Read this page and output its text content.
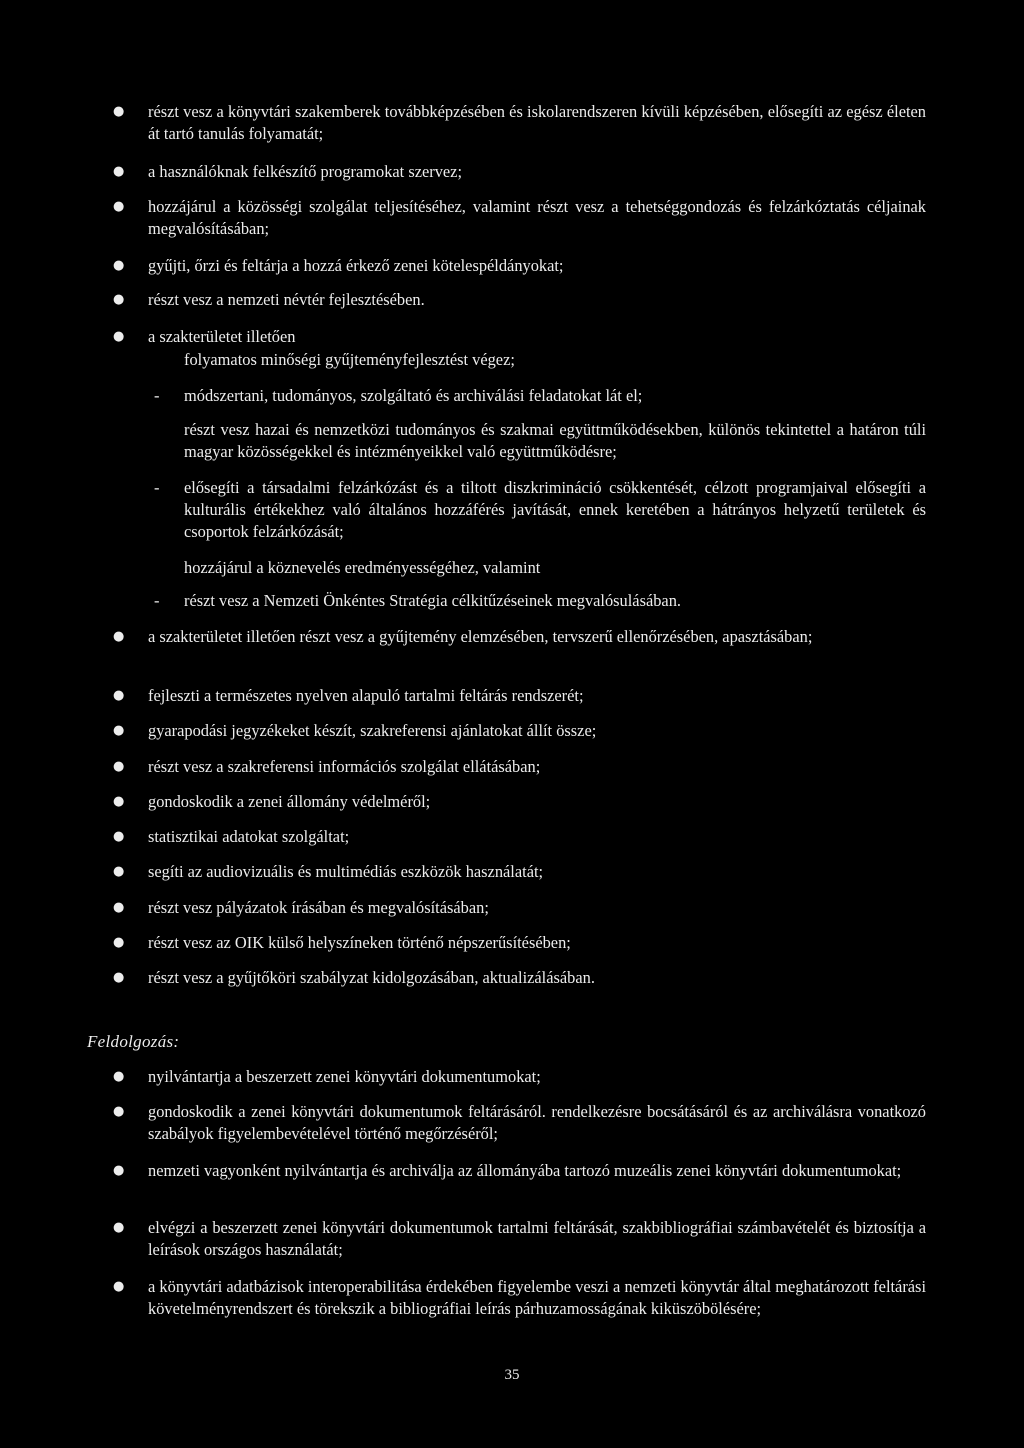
● részt vesz a könyvtári szakemberek továbbképzésében és iskolarendszeren kívüli képzésében, elősegíti az egész életen át tartó tanulás folyamatát;
● a használóknak felkészítő programokat szervez;
● hozzájárul a közösségi szolgálat teljesítéséhez, valamint részt vesz a tehetséggondozás és felzárkóztatás céljainak megvalósításában;
● gyűjti, őrzi és feltárja a hozzá érkező zenei kötelespéldányokat;
● részt vesz a nemzeti névtér fejlesztésében.
● a szakterületet illetően
folyamatos minőségi gyűjteményfejlesztést végez;
- módszertani, tudományos, szolgáltató és archiválási feladatokat lát el;
részt vesz hazai és nemzetközi tudományos és szakmai együttműködésekben, különös tekintettel a határon túli magyar közösségekkel és intézményeikkel való együttműködésre;
- elősegíti a társadalmi felzárkózást és a tiltott diszkrimináció csökkentését, célzott programjaival elősegíti a kulturális értékekhez való általános hozzáférés javítását, ennek keretében a hátrányos helyzetű területek és csoportok felzárkózását;
hozzájárul a köznevelés eredményességéhez, valamint
- részt vesz a Nemzeti Önkéntes Stratégia célkitűzéseinek megvalósulásában.
● a szakterületet illetően részt vesz a gyűjtemény elemzésében, tervszerű ellenőrzésében, apasztásában;
● fejleszti a természetes nyelven alapuló tartalmi feltárás rendszerét;
● gyarapodási jegyzékeket készít, szakreferensi ajánlatokat állít össze;
● részt vesz a szakreferensi információs szolgálat ellátásában;
● gondoskodik a zenei állomány védelméről;
● statisztikai adatokat szolgáltat;
● segíti az audiovizuális és multimédiás eszközök használatát;
● részt vesz pályázatok írásában és megvalósításában;
● részt vesz az OIK külső helyszíneken történő népszerűsítésében;
● részt vesz a gyűjtőköri szabályzat kidolgozásában, aktualizálásában.
Feldolgozás:
● nyilvántartja a beszerzett zenei könyvtári dokumentumokat;
● gondoskodik a zenei könyvtári dokumentumok feltárásáról. rendelkezésre bocsátásáról és az archiválásra vonatkozó szabályok figyelembevételével történő megőrzéséről;
● nemzeti vagyonként nyilvántartja és archiválja az állományába tartozó muzeális zenei könyvtári dokumentumokat;
● elvégzi a beszerzett zenei könyvtári dokumentumok tartalmi feltárását, szakbibliográfiai számbavételét és biztosítja a leírások országos használatát;
● a könyvtári adatbázisok interoperabilitása érdekében figyelembe veszi a nemzeti könyvtár által meghatározott feltárási követelményrendszert és törekszik a bibliográfiai leírás párhuzamosságának kiküszöbölésére;
35
